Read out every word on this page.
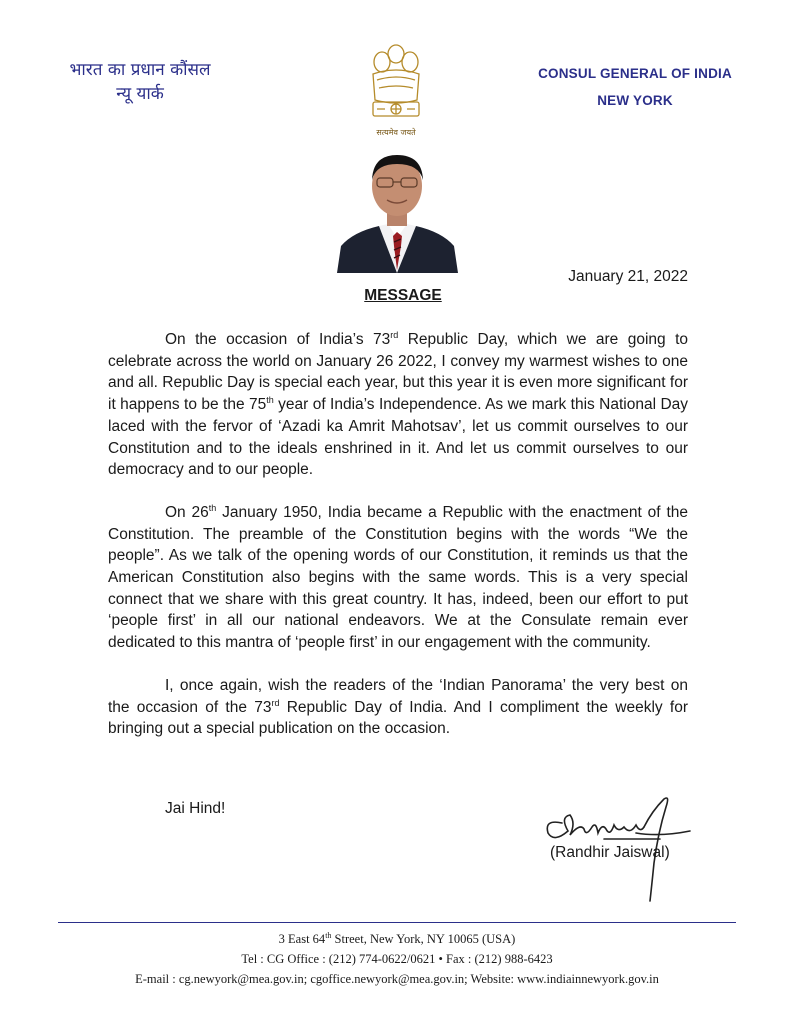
भारत का प्रधान कौंसल
न्यू यार्क
CONSUL GENERAL OF INDIA
NEW YORK
सत्यमेव जयते
January 21, 2022
MESSAGE

On the occasion of India’s 73rd Republic Day, which we are going to celebrate across the world on January 26 2022, I convey my warmest wishes to one and all. Republic Day is special each year, but this year it is even more significant for it happens to be the 75th year of India’s Independence. As we mark this National Day laced with the fervor of ‘Azadi ka Amrit Mahotsav’, let us commit ourselves to our Constitution and to the ideals enshrined in it. And let us commit ourselves to our democracy and to our people.

On 26th January 1950, India became a Republic with the enactment of the Constitution. The preamble of the Constitution begins with the words “We the people”. As we talk of the opening words of our Constitution, it reminds us that the American Constitution also begins with the same words. This is a very special connect that we share with this great country. It has, indeed, been our effort to put ‘people first’ in all our national endeavors. We at the Consulate remain ever dedicated to this mantra of ‘people first’ in our engagement with the community.

I, once again, wish the readers of the ‘Indian Panorama’ the very best on the occasion of the 73rd Republic Day of India. And I compliment the weekly for bringing out a special publication on the occasion.

Jai Hind!
(Randhir Jaiswal)
3 East 64th Street, New York, NY 10065 (USA)
Tel : CG Office : (212) 774-0622/0621 • Fax : (212) 988-6423
E-mail : cg.newyork@mea.gov.in; cgoffice.newyork@mea.gov.in; Website: www.indiainnewyork.gov.in
